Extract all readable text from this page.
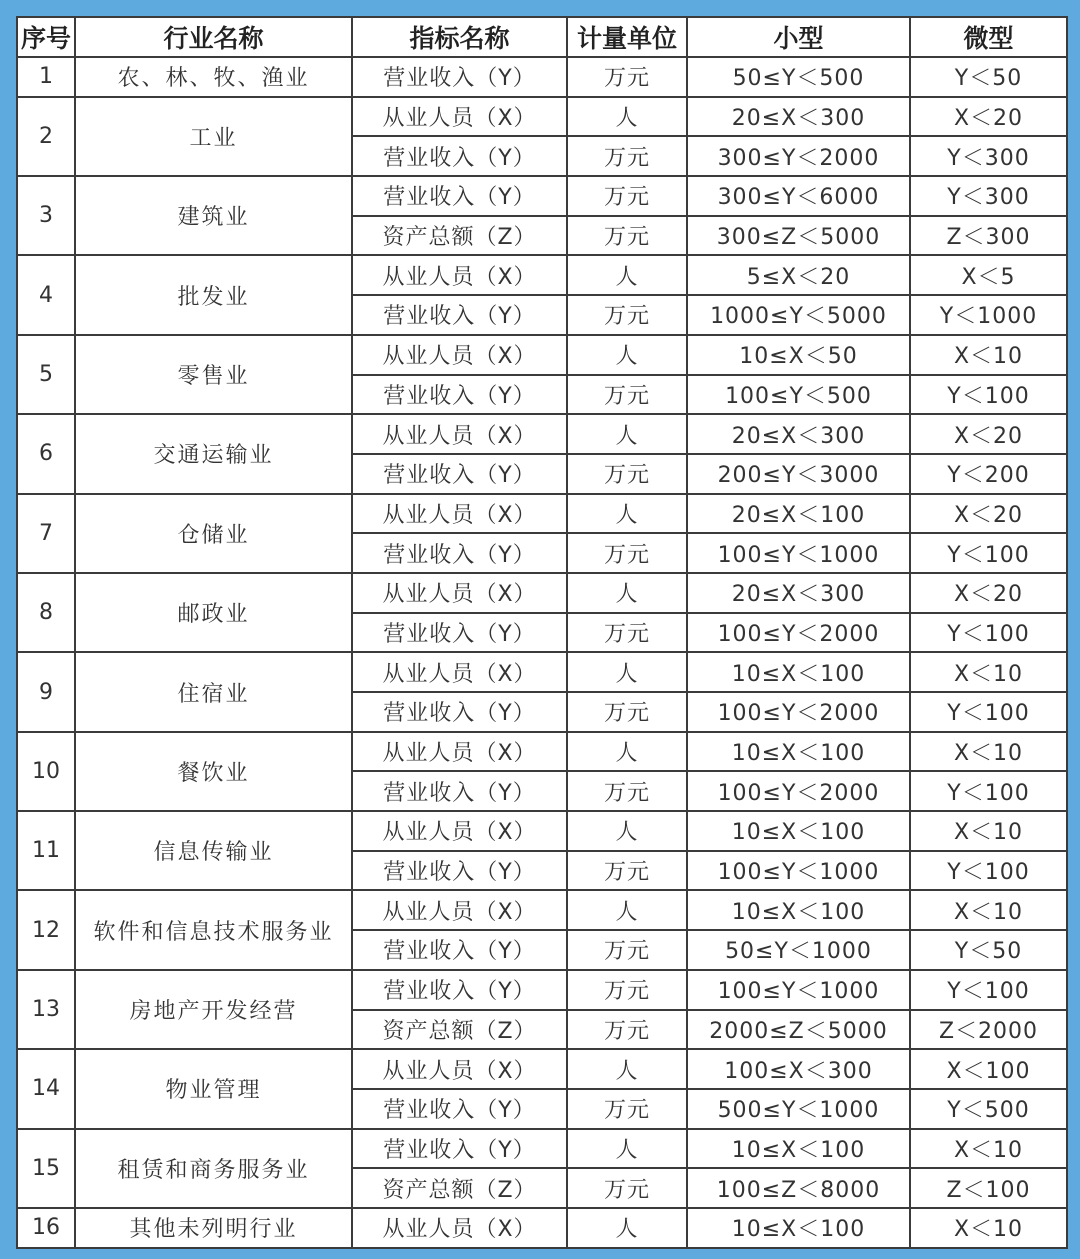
序号	行业名称	指标名称	计量单位	小型	微型
1	农、林、牧、渔业	营业收入（Y）	万元	50≤Y＜500	Y＜50
2	工业	从业人员（X）	人	20≤X＜300	X＜20
		营业收入（Y）	万元	300≤Y＜2000	Y＜300
3	建筑业	营业收入（Y）	万元	300≤Y＜6000	Y＜300
		资产总额（Z）	万元	300≤Z＜5000	Z＜300
4	批发业	从业人员（X）	人	5≤X＜20	X＜5
		营业收入（Y）	万元	1000≤Y＜5000	Y＜1000
5	零售业	从业人员（X）	人	10≤X＜50	X＜10
		营业收入（Y）	万元	100≤Y＜500	Y＜100
6	交通运输业	从业人员（X）	人	20≤X＜300	X＜20
		营业收入（Y）	万元	200≤Y＜3000	Y＜200
7	仓储业	从业人员（X）	人	20≤X＜100	X＜20
		营业收入（Y）	万元	100≤Y＜1000	Y＜100
8	邮政业	从业人员（X）	人	20≤X＜300	X＜20
		营业收入（Y）	万元	100≤Y＜2000	Y＜100
9	住宿业	从业人员（X）	人	10≤X＜100	X＜10
		营业收入（Y）	万元	100≤Y＜2000	Y＜100
10	餐饮业	从业人员（X）	人	10≤X＜100	X＜10
		营业收入（Y）	万元	100≤Y＜2000	Y＜100
11	信息传输业	从业人员（X）	人	10≤X＜100	X＜10
		营业收入（Y）	万元	100≤Y＜1000	Y＜100
12	软件和信息技术服务业	从业人员（X）	人	10≤X＜100	X＜10
		营业收入（Y）	万元	50≤Y＜1000	Y＜50
13	房地产开发经营	营业收入（Y）	万元	100≤Y＜1000	Y＜100
		资产总额（Z）	万元	2000≤Z＜5000	Z＜2000
14	物业管理	从业人员（X）	人	100≤X＜300	X＜100
		营业收入（Y）	万元	500≤Y＜1000	Y＜500
15	租赁和商务服务业	营业收入（Y）	人	10≤X＜100	X＜10
		资产总额（Z）	万元	100≤Z＜8000	Z＜100
16	其他未列明行业	从业人员（X）	人	10≤X＜100	X＜10
